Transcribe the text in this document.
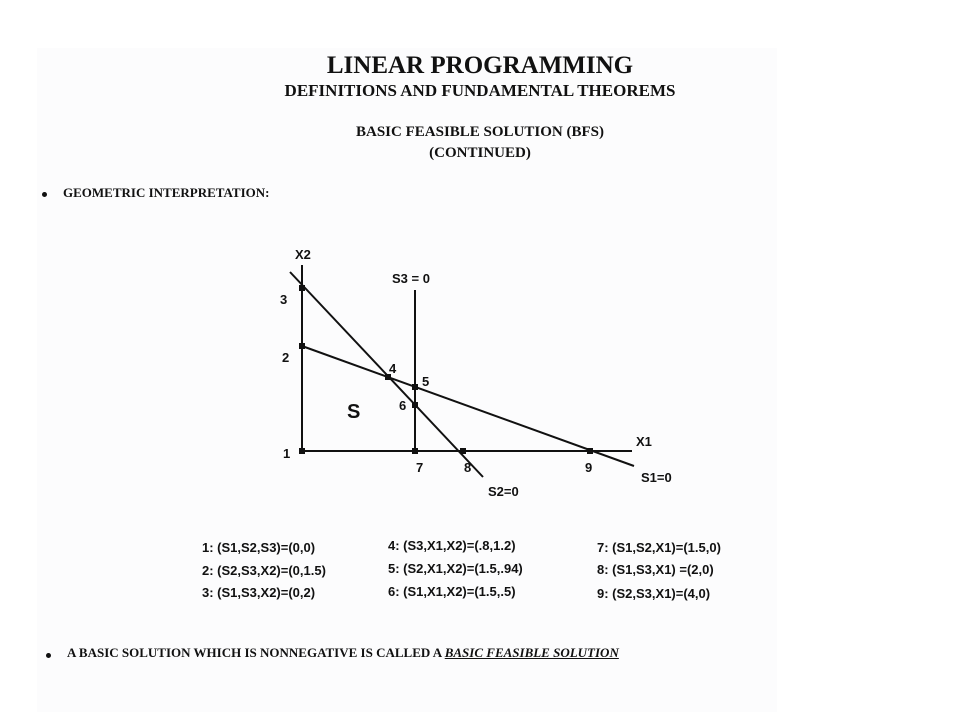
LINEAR PROGRAMMING
DEFINITIONS AND FUNDAMENTAL THEOREMS
BASIC FEASIBLE SOLUTION (BFS)
(CONTINUED)
GEOMETRIC INTERPRETATION:
X2
X1
S3 = 0
S2=0
S1=0
S
1
2
3
4
5
6
7	8	9
1: (S1,S2,S3)=(0,0)
2: (S2,S3,X2)=(0,1.5)
3: (S1,S3,X2)=(0,2)
4: (S3,X1,X2)=(.8,1.2)
5: (S2,X1,X2)=(1.5,.94)
6: (S1,X1,X2)=(1.5,.5)
7: (S1,S2,X1)=(1.5,0)
8: (S1,S3,X1) =(2,0)
9: (S2,S3,X1)=(4,0)
A BASIC SOLUTION WHICH IS NONNEGATIVE IS CALLED A BASIC FEASIBLE SOLUTION
